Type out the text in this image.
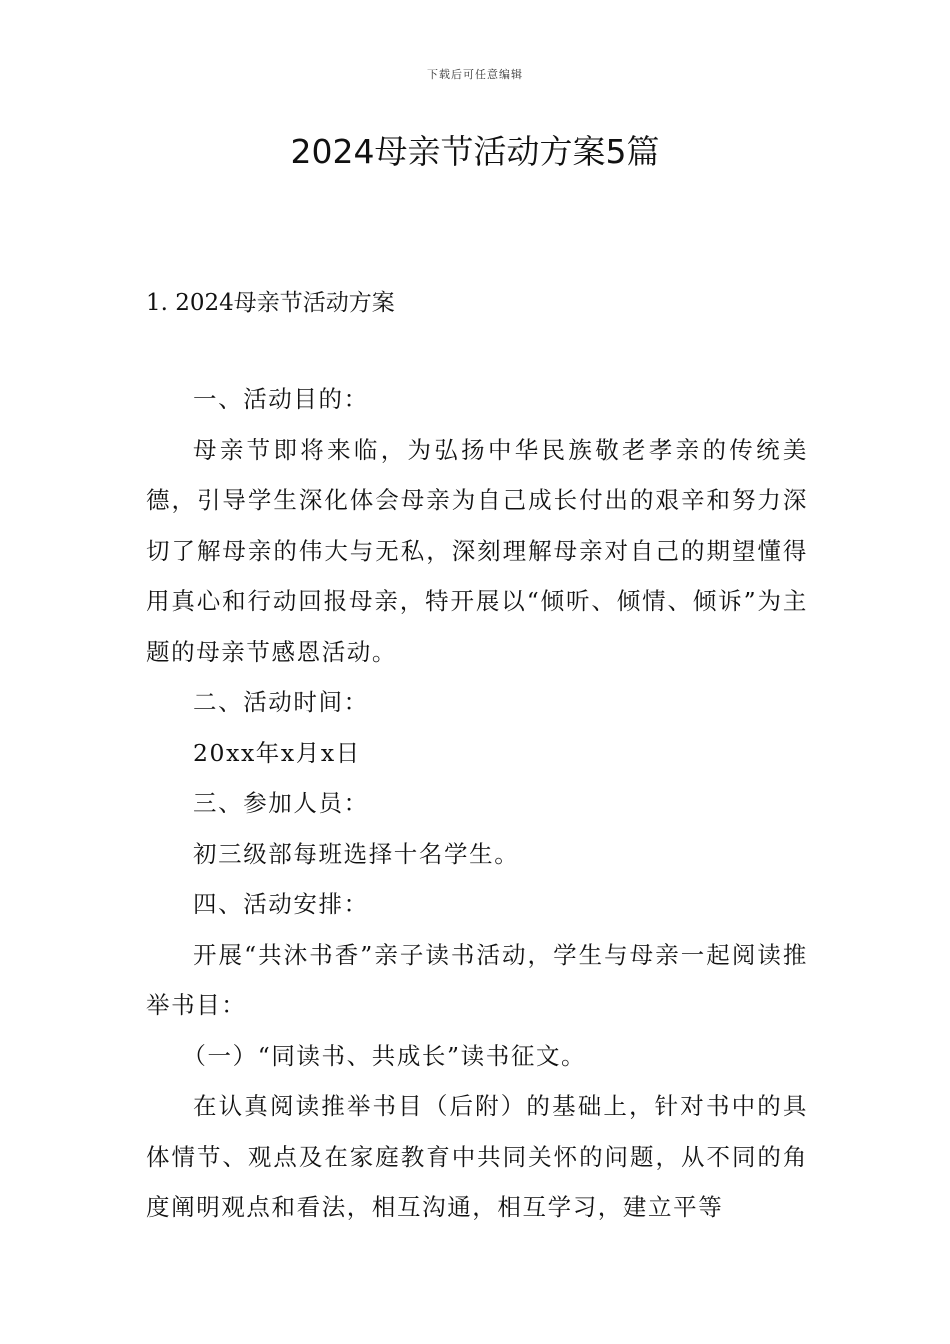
下载后可任意编辑
2024母亲节活动方案5篇
1. 2024母亲节活动方案

一、活动目的：

母亲节即将来临，为弘扬中华民族敬老孝亲的传统美德，引导学生深化体会母亲为自己成长付出的艰辛和努力深切了解母亲的伟大与无私，深刻理解母亲对自己的期望懂得用真心和行动回报母亲，特开展以“倾听、倾情、倾诉”为主题的母亲节感恩活动。

二、活动时间：

20xx年x月x日

三、参加人员：

初三级部每班选择十名学生。

四、活动安排：

开展“共沐书香”亲子读书活动，学生与母亲一起阅读推举书目：

（一）“同读书、共成长”读书征文。

在认真阅读推举书目（后附）的基础上，针对书中的具体情节、观点及在家庭教育中共同关怀的问题，从不同的角度阐明观点和看法，相互沟通，相互学习，建立平等
